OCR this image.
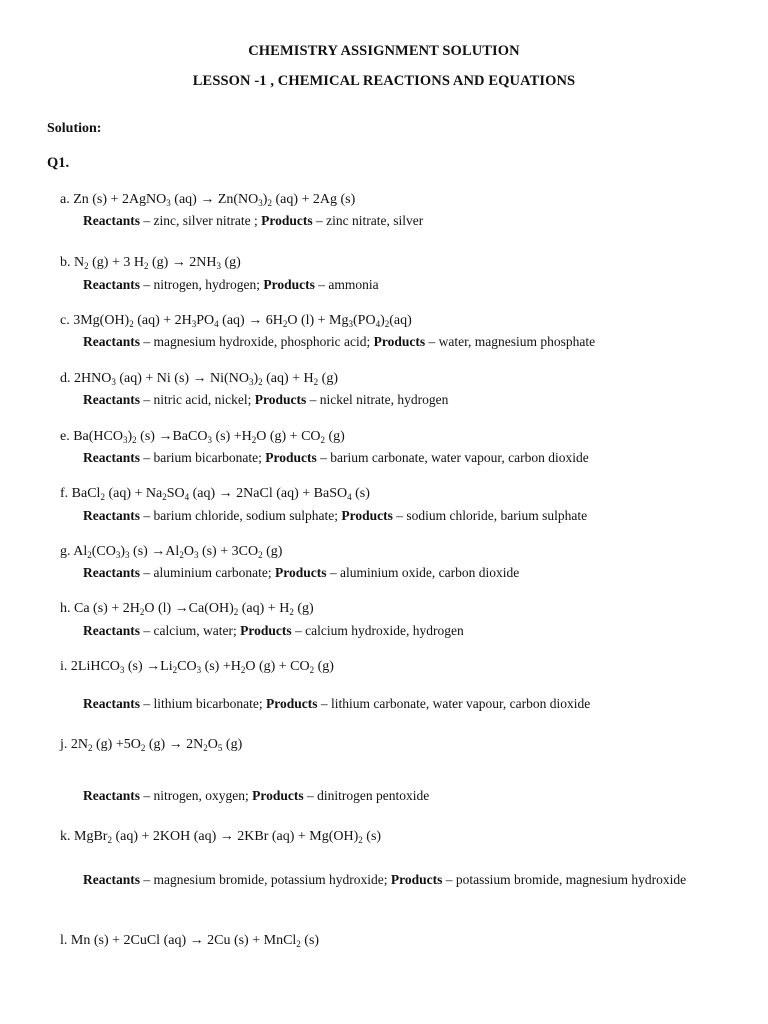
CHEMISTRY ASSIGNMENT SOLUTION
LESSON -1 , CHEMICAL REACTIONS AND EQUATIONS
Solution:
Q1.
a. Zn (s) + 2AgNO$_3$ $(aq) \to Zn(NO_3)_2$ (aq) + 2Ag (s)
Reactants – zinc, silver nitrate ; Products – zinc nitrate, silver
b. $N_2$ (g) + 3 $H_2$ $(g) \to 2NH_3$ (g)
Reactants – nitrogen, hydrogen; Products – ammonia
c. $3Mg(OH)_2$ $(aq) + 2H_3PO_4$ $(aq) \to 6H_2O$ $(l) + Mg_3(PO_4)_2(aq)$
Reactants – magnesium hydroxide, phosphoric acid; Products – water, magnesium phosphate
d. $2HNO_3$ (aq) + Ni $(s) \to Ni(NO_3)_2$ $(aq) + H_2$ (g)
Reactants – nitric acid, nickel; Products – nickel nitrate, hydrogen
e. $Ba(HCO_3)_2$ (s) →BaCO$_3$ $(s) +H_2O$ $(g) + CO_2$ (g)
Reactants – barium bicarbonate; Products – barium carbonate, water vapour, carbon dioxide
f. BaCl$_2$ $(aq) + Na_2SO_4$ (aq) → 2NaCl (aq) + BaSO$_4$ (s)
Reactants – barium chloride, sodium sulphate; Products – sodium chloride, barium sulphate
g. $Al_2(CO_3)_3$ $(s) \to Al_2O_3$ $(s) + 3CO_2$ (g)
Reactants – aluminium carbonate; Products – aluminium oxide, carbon dioxide
h. Ca $(s) + 2H_2O$ $(l) \to Ca(OH)_2$ $(aq) + H_2$ (g)
Reactants – calcium, water; Products – calcium hydroxide, hydrogen
i. 2LiHCO$_3$ $(s) \to Li_2CO_3$ $(s) +H_2O$ $(g) + CO_2$ (g)
Reactants – lithium bicarbonate; Products – lithium carbonate, water vapour, carbon dioxide
j. $2N_2$ $(g) +5O_2$ $(g) \to 2N_2O_5$ (g)
Reactants – nitrogen, oxygen; Products – dinitrogen pentoxide
k. MgBr$_2$ (aq) + 2KOH (aq) → 2KBr $(aq) + Mg(OH)_2$ (s)
Reactants – magnesium bromide, potassium hydroxide; Products – potassium bromide, magnesium hydroxide
l. Mn (s) + 2CuCl (aq) → 2Cu (s) + MnCl$_2$ (s)
